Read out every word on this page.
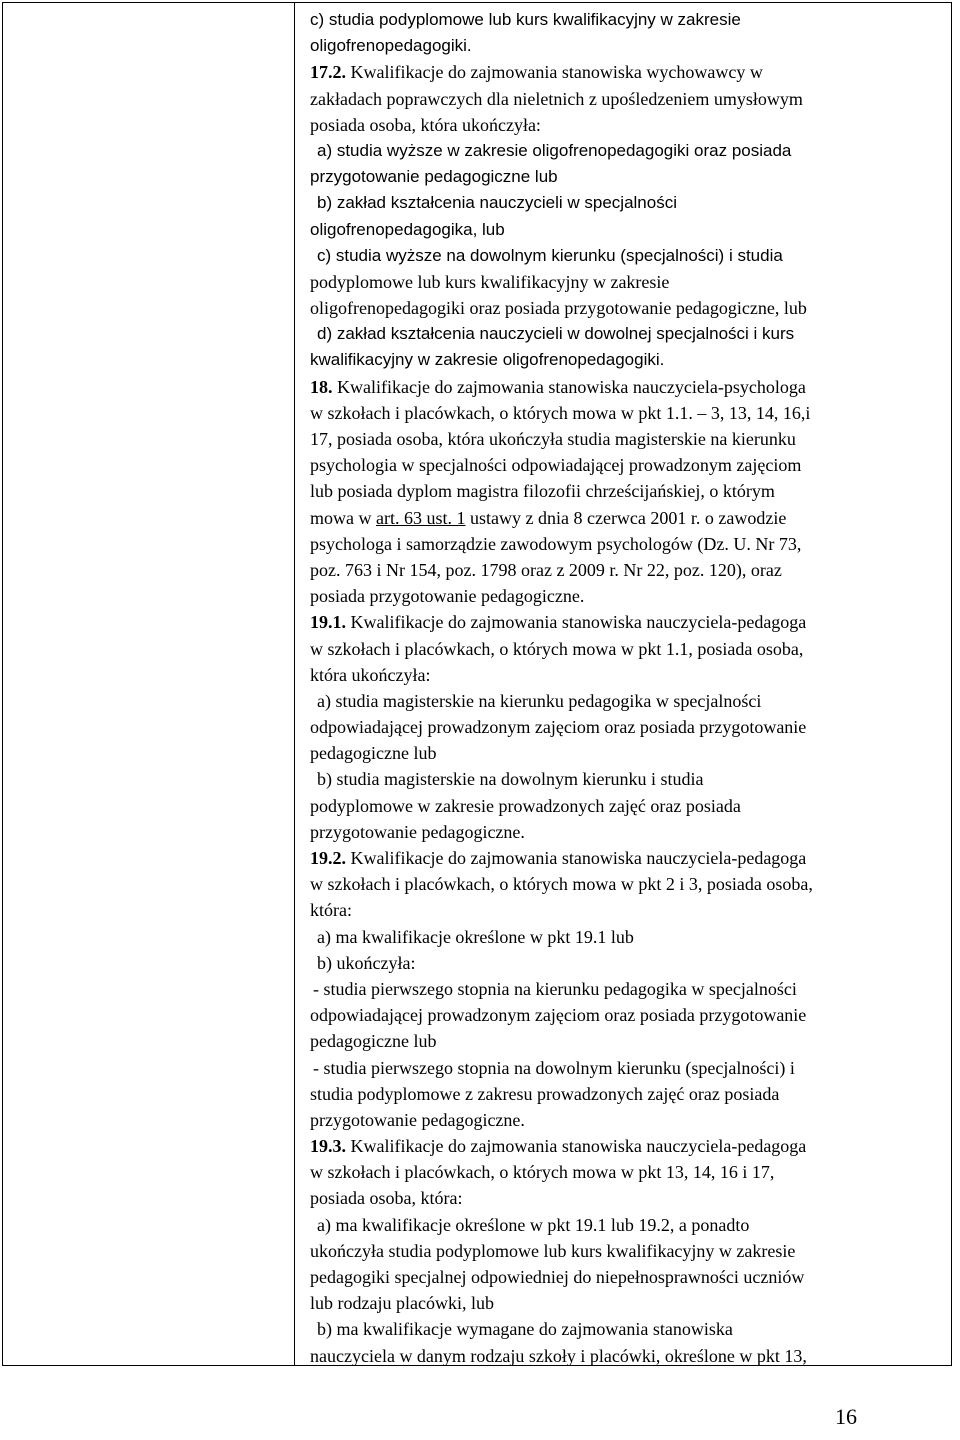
c) studia podyplomowe lub kurs kwalifikacyjny w zakresie
oligofrenopedagogiki.
17.2. Kwalifikacje do zajmowania stanowiska wychowawcy w
zakładach poprawczych dla nieletnich z upośledzeniem umysłowym
posiada osoba, która ukończyła:
a) studia wyższe w zakresie oligofrenopedagogiki oraz posiada
przygotowanie pedagogiczne lub
b) zakład kształcenia nauczycieli w specjalności
oligofrenopedagogika, lub
c) studia wyższe na dowolnym kierunku (specjalności) i studia
podyplomowe lub kurs kwalifikacyjny w zakresie
oligofrenopedagogiki oraz posiada przygotowanie pedagogiczne, lub
d) zakład kształcenia nauczycieli w dowolnej specjalności i kurs
kwalifikacyjny w zakresie oligofrenopedagogiki.
18. Kwalifikacje do zajmowania stanowiska nauczyciela-psychologa
w szkołach i placówkach, o których mowa w pkt 1.1. – 3, 13, 14, 16,i
17, posiada osoba, która ukończyła studia magisterskie na kierunku
psychologia w specjalności odpowiadającej prowadzonym zajęciom
lub posiada dyplom magistra filozofii chrześcijańskiej, o którym
mowa w art. 63 ust. 1 ustawy z dnia 8 czerwca 2001 r. o zawodzie
psychologa i samorządzie zawodowym psychologów (Dz. U. Nr 73,
poz. 763 i Nr 154, poz. 1798 oraz z 2009 r. Nr 22, poz. 120), oraz
posiada przygotowanie pedagogiczne.
19.1. Kwalifikacje do zajmowania stanowiska nauczyciela-pedagoga
w szkołach i placówkach, o których mowa w pkt 1.1, posiada osoba,
która ukończyła:
a) studia magisterskie na kierunku pedagogika w specjalności
odpowiadającej prowadzonym zajęciom oraz posiada przygotowanie
pedagogiczne lub
b) studia magisterskie na dowolnym kierunku i studia
podyplomowe w zakresie prowadzonych zajęć oraz posiada
przygotowanie pedagogiczne.
19.2. Kwalifikacje do zajmowania stanowiska nauczyciela-pedagoga
w szkołach i placówkach, o których mowa w pkt 2 i 3, posiada osoba,
która:
a) ma kwalifikacje określone w pkt 19.1 lub
b) ukończyła:
- studia pierwszego stopnia na kierunku pedagogika w specjalności
odpowiadającej prowadzonym zajęciom oraz posiada przygotowanie
pedagogiczne lub
- studia pierwszego stopnia na dowolnym kierunku (specjalności) i
studia podyplomowe z zakresu prowadzonych zajęć oraz posiada
przygotowanie pedagogiczne.
19.3. Kwalifikacje do zajmowania stanowiska nauczyciela-pedagoga
w szkołach i placówkach, o których mowa w pkt 13, 14, 16 i 17,
posiada osoba, która:
a) ma kwalifikacje określone w pkt 19.1 lub 19.2, a ponadto
ukończyła studia podyplomowe lub kurs kwalifikacyjny w zakresie
pedagogiki specjalnej odpowiedniej do niepełnosprawności uczniów
lub rodzaju placówki, lub
b) ma kwalifikacje wymagane do zajmowania stanowiska
nauczyciela w danym rodzaju szkoły i placówki, określone w pkt 13,
16
